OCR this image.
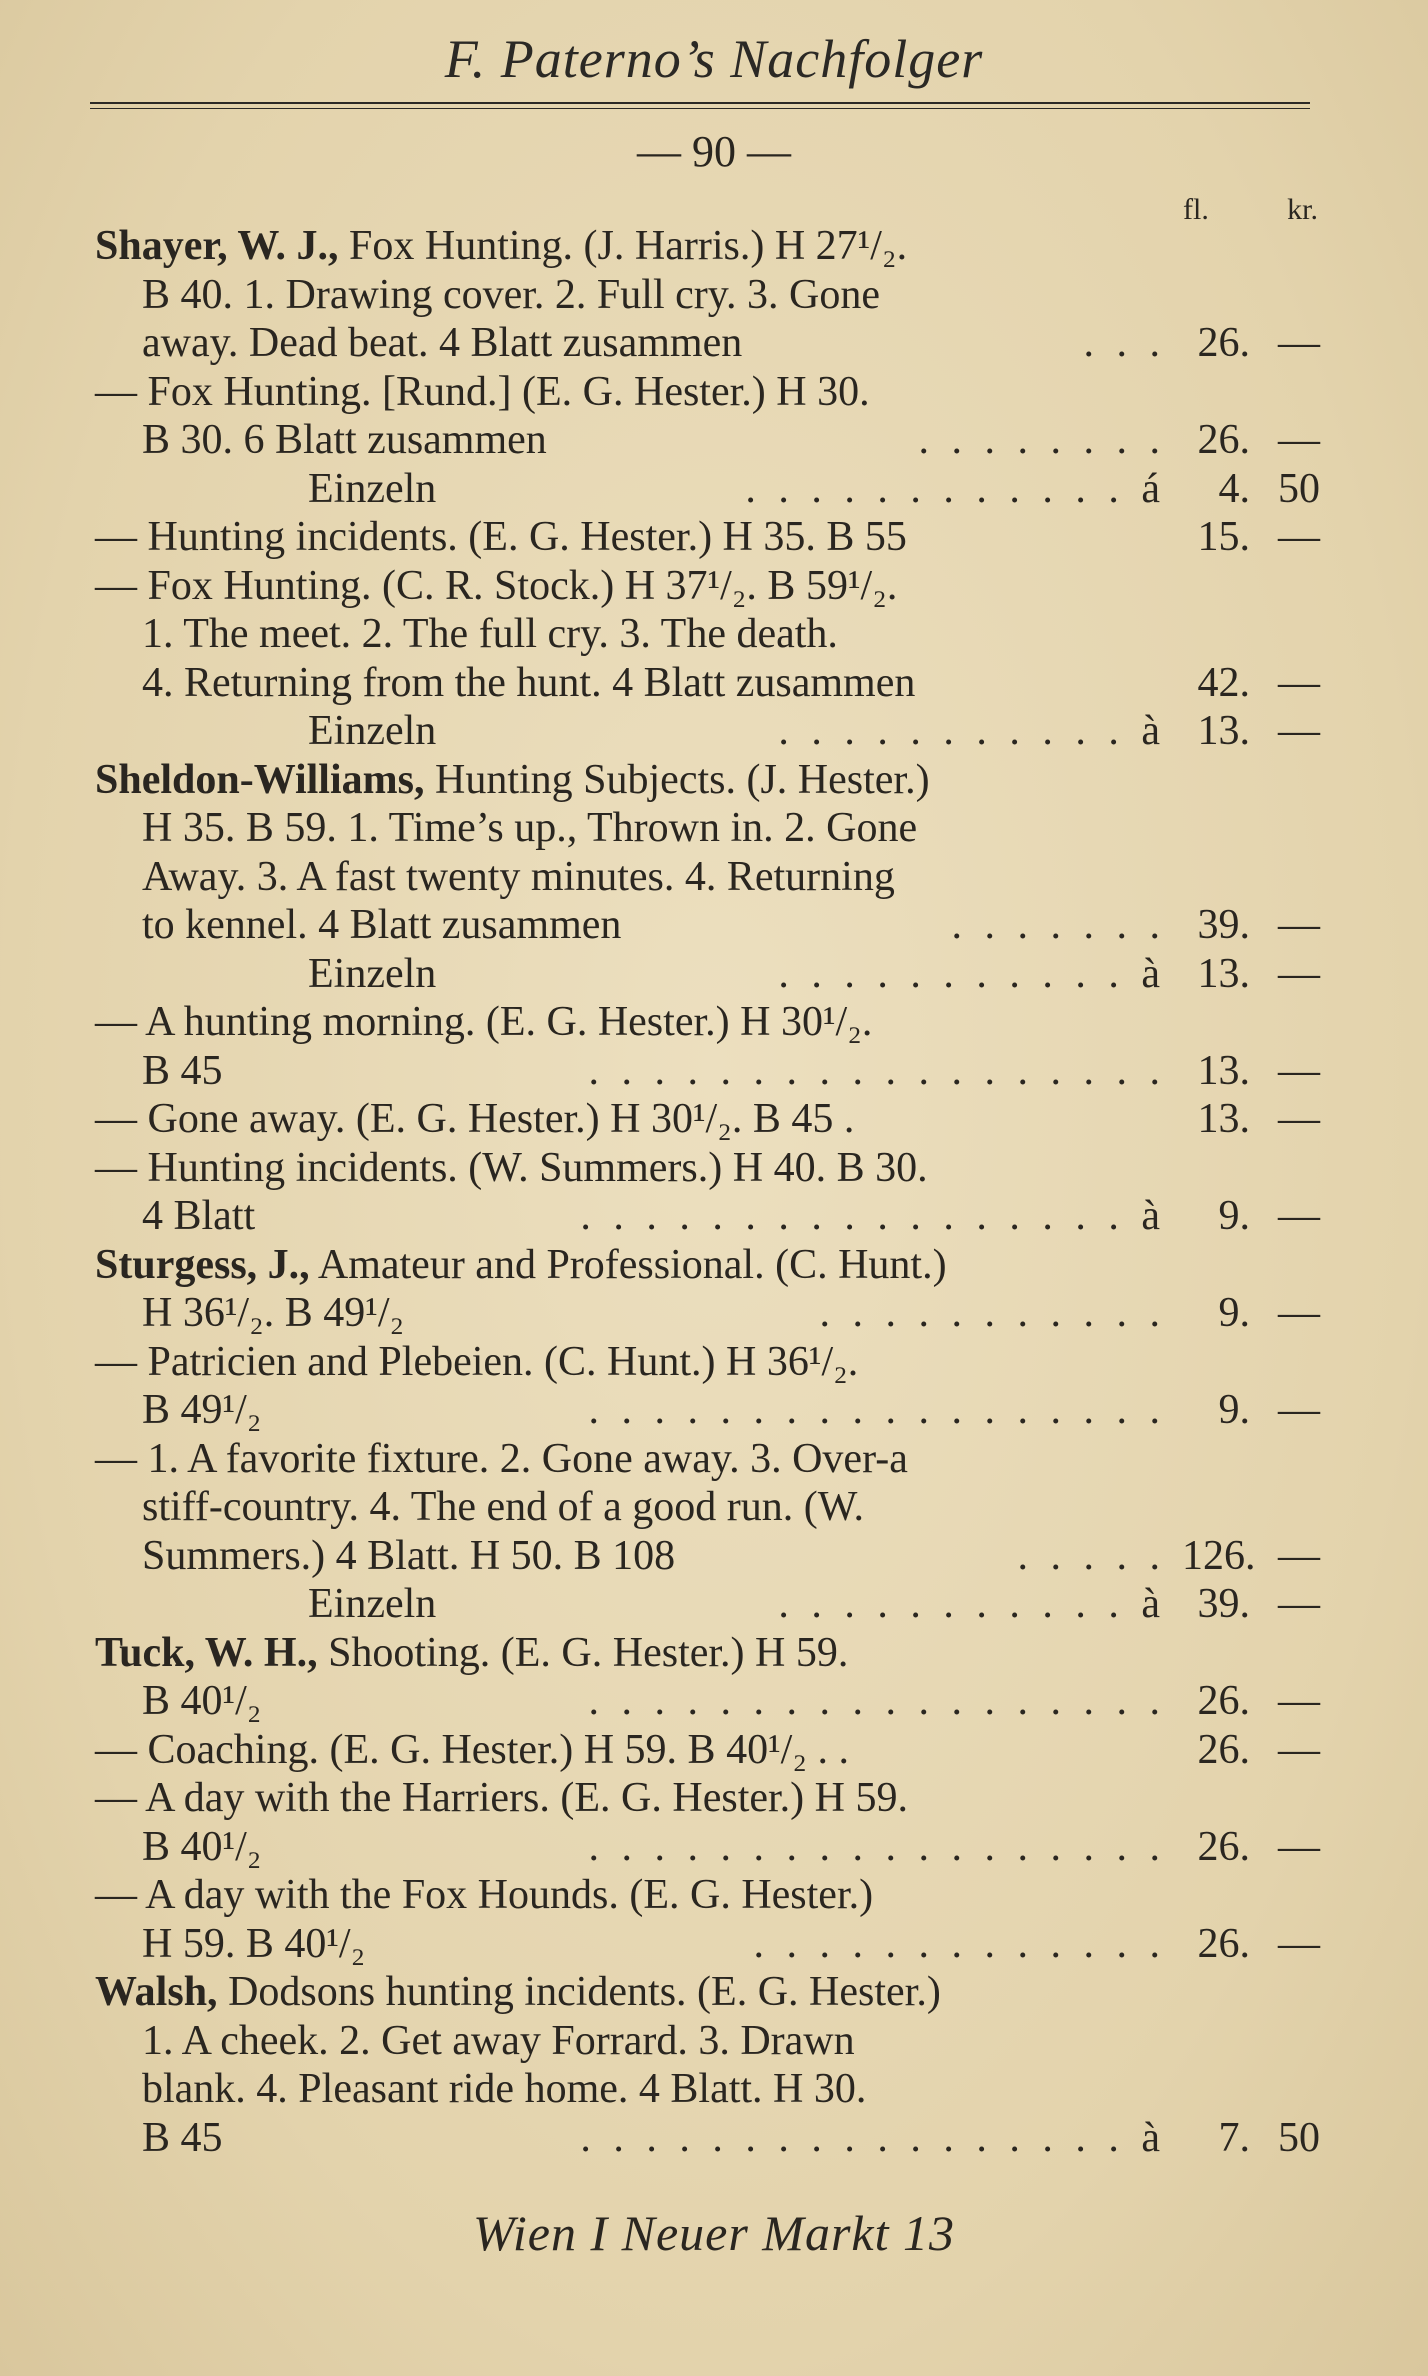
F. Paterno’s Nachfolger
— 90 —
fl.	kr.
Shayer, W. J., Fox Hunting. (J. Harris.) H 27¹/₂.
B 40. 1. Drawing cover. 2. Full cry. 3. Gone
away. Dead beat. 4 Blatt zusammen	. . . 26. —
— Fox Hunting. [Rund.] (E. G. Hester.) H 30.
B 30. 6 Blatt zusammen	. . . . . . . . 26. —
Einzeln	. . . . . . . . . . . . á	4. 50
— Hunting incidents. (E. G. Hester.) H 35. B 55	15. —
— Fox Hunting. (C. R. Stock.) H 37¹/₂. B 59¹/₂.
1. The meet. 2. The full cry. 3. The death.
4. Returning from the hunt. 4 Blatt zusammen	42. —
Einzeln	. . . . . . . . . . . à 13. —
Sheldon-Williams, Hunting Subjects. (J. Hester.)
H 35. B 59. 1. Time’s up., Thrown in. 2. Gone
Away. 3. A fast twenty minutes. 4. Returning
to kennel. 4 Blatt zusammen	. . . . . . . 39. —
Einzeln	. . . . . . . . . . . à 13. —
— A hunting morning. (E. G. Hester.) H 30¹/₂.
B 45	. . . . . . . . . . . . . . . . . . 13. —
— Gone away. (E. G. Hester.) H 30¹/₂. B 45 .	13. —
— Hunting incidents. (W. Summers.) H 40. B 30.
4 Blatt	. . . . . . . . . . . . . . . . . à	9. —
Sturgess, J., Amateur and Professional. (C. Hunt.)
H 36¹/₂. B 49¹/₂	. . . . . . . . . . .	9. —
— Patricien and Plebeien. (C. Hunt.) H 36¹/₂.
B 49¹/₂	. . . . . . . . . . . . . . . . . .	9. —
— 1. A favorite fixture. 2. Gone away. 3. Over-a
stiff-country. 4. The end of a good run. (W.
Summers.) 4 Blatt. H 50. B 108	. . . . . 126. —
Einzeln	. . . . . . . . . . . à 39. —
Tuck, W. H., Shooting. (E. G. Hester.) H 59.
B 40¹/₂	. . . . . . . . . . . . . . . . . . 26. —
— Coaching. (E. G. Hester.) H 59. B 40¹/₂ . .	26. —
— A day with the Harriers. (E. G. Hester.) H 59.
B 40¹/₂	. . . . . . . . . . . . . . . . . . 26. —
— A day with the Fox Hounds. (E. G. Hester.)
H 59. B 40¹/₂	. . . . . . . . . . . . . 26. —
Walsh, Dodsons hunting incidents. (E. G. Hester.)
1. A cheek. 2. Get away Forrard. 3. Drawn
blank. 4. Pleasant ride home. 4 Blatt. H 30.
B 45	. . . . . . . . . . . . . . . . . à	7. 50
Wien I Neuer Markt 13
